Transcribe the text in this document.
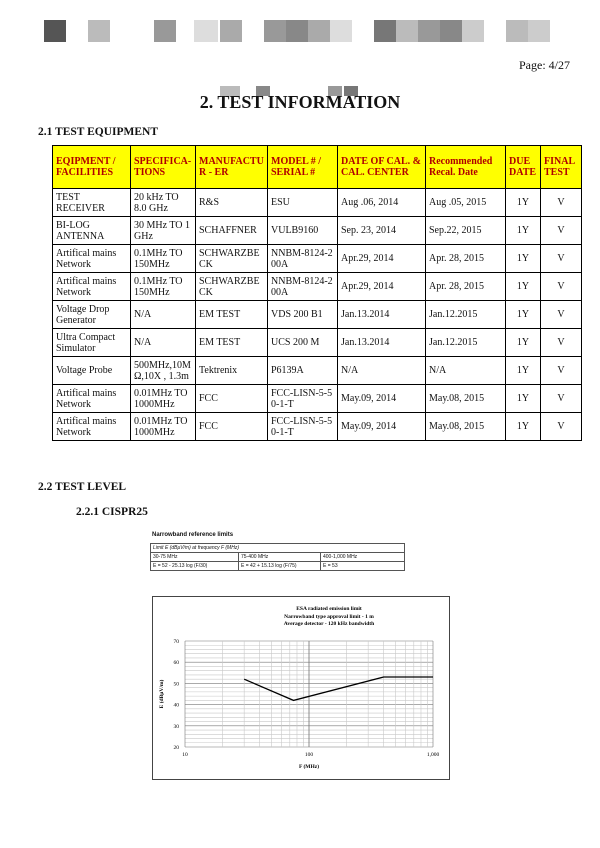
Page: 4/27
2. TEST INFORMATION
2.1 TEST EQUIPMENT
EQIPMENT / FACILITIES	SPECIFICA-TIONS	MANUFACTU R - ER	MODEL # / SERIAL #	DATE OF CAL. & CAL. CENTER	Recommended Recal. Date	DUE DATE	FINAL TEST
TEST RECEIVER	20 kHz TO 8.0 GHz	R&S	ESU	Aug .06, 2014	Aug .05, 2015	1Y	V
BI-LOG ANTENNA	30 MHz TO 1 GHz	SCHAFFNER	VULB9160	Sep. 23, 2014	Sep.22, 2015	1Y	V
Artifical mains Network	0.1MHz TO 150MHz	SCHWARZBE CK	NNBM-8124-2 00A	Apr.29, 2014	Apr. 28, 2015	1Y	V
Artifical mains Network	0.1MHz TO 150MHz	SCHWARZBE CK	NNBM-8124-2 00A	Apr.29, 2014	Apr. 28, 2015	1Y	V
Voltage Drop Generator	N/A	EM TEST	VDS 200 B1	Jan.13.2014	Jan.12.2015	1Y	V
Ultra Compact Simulator	N/A	EM TEST	UCS 200 M	Jan.13.2014	Jan.12.2015	1Y	V
Voltage Probe	500MHz,10M Ω,10X , 1.3m	Tektrenix	P6139A	N/A	N/A	1Y	V
Artifical mains Network	0.01MHz TO 1000MHz	FCC	FCC-LISN-5-5 0-1-T	May.09, 2014	May.08, 2015	1Y	V
Artifical mains Network	0.01MHz TO 1000MHz	FCC	FCC-LISN-5-5 0-1-T	May.09, 2014	May.08, 2015	1Y	V
2.2 TEST LEVEL
2.2.1 CISPR25
Narrowband reference limits
Limit E (dBμV/m) at frequency F (MHz)		
30-75 MHz	75-400 MHz	400-1,000 MHz
E = 52 - 25.13 log (F/30)	E = 42 + 15.13 log (F/75)	E = 53
ESA radiated emission limit
Narrowband type approval limit - 1 m
Average detector - 120 kHz bandwidth
20
30
40
50
60
70
10	100	1,000
F (MHz)
E (dBμV/m)
